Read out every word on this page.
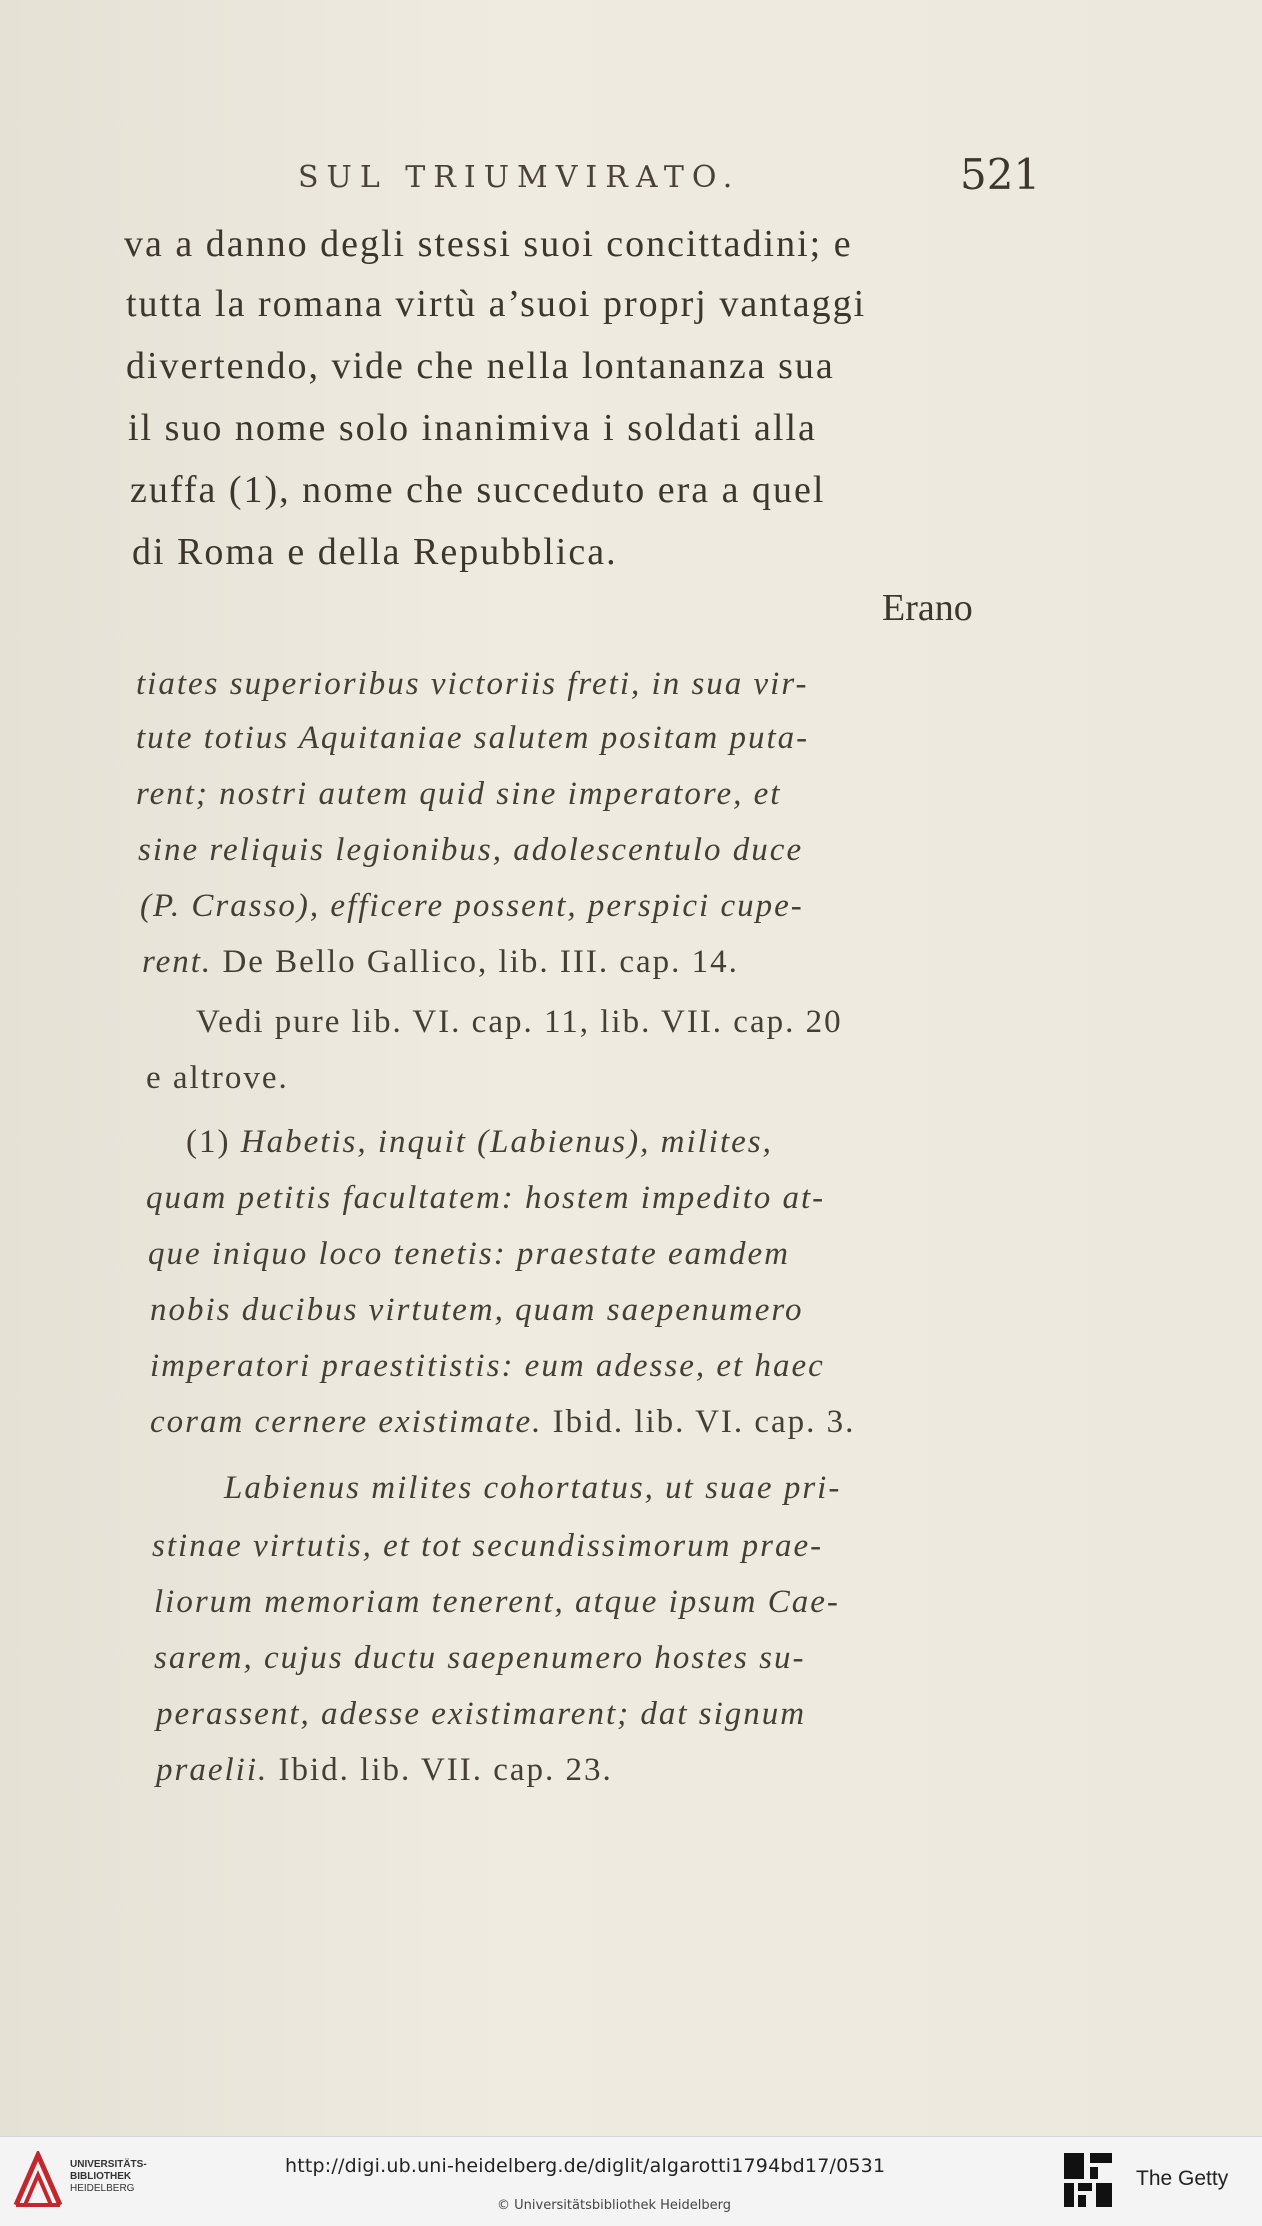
SUL TRIUMVIRATO.	521
va a danno degli stessi suoi concittadini; e
tutta la romana virtù a’suoi proprj vantaggi
divertendo, vide che nella lontananza sua
il suo nome solo inanimiva i soldati alla
zuffa (1), nome che succeduto era a quel
di Roma e della Repubblica.
Erano
tiates superioribus victoriis freti, in sua vir-
tute totius Aquitaniae salutem positam puta-
rent; nostri autem quid sine imperatore, et
sine reliquis legionibus, adolescentulo duce
(P. Crasso), efficere possent, perspici cupe-
rent. De Bello Gallico, lib. III. cap. 14.
Vedi pure lib. VI. cap. 11, lib. VII. cap. 20
e altrove.
(1) Habetis, inquit (Labienus), milites,
quam petitis facultatem: hostem impedito at-
que iniquo loco tenetis: praestate eamdem
nobis ducibus virtutem, quam saepenumero
imperatori praestitistis: eum adesse, et haec
coram cernere existimate. Ibid. lib. VI. cap. 3.
Labienus milites cohortatus, ut suae pri-
stinae virtutis, et tot secundissimorum prae-
liorum memoriam tenerent, atque ipsum Cae-
sarem, cujus ductu saepenumero hostes su-
perassent, adesse existimarent; dat signum
praelii. Ibid. lib. VII. cap. 23.
UNIVERSITÄTS-
BIBLIOTHEK
HEIDELBERG
http://digi.ub.uni-heidelberg.de/diglit/algarotti1794bd17/0531
© Universitätsbibliothek Heidelberg
The Getty
